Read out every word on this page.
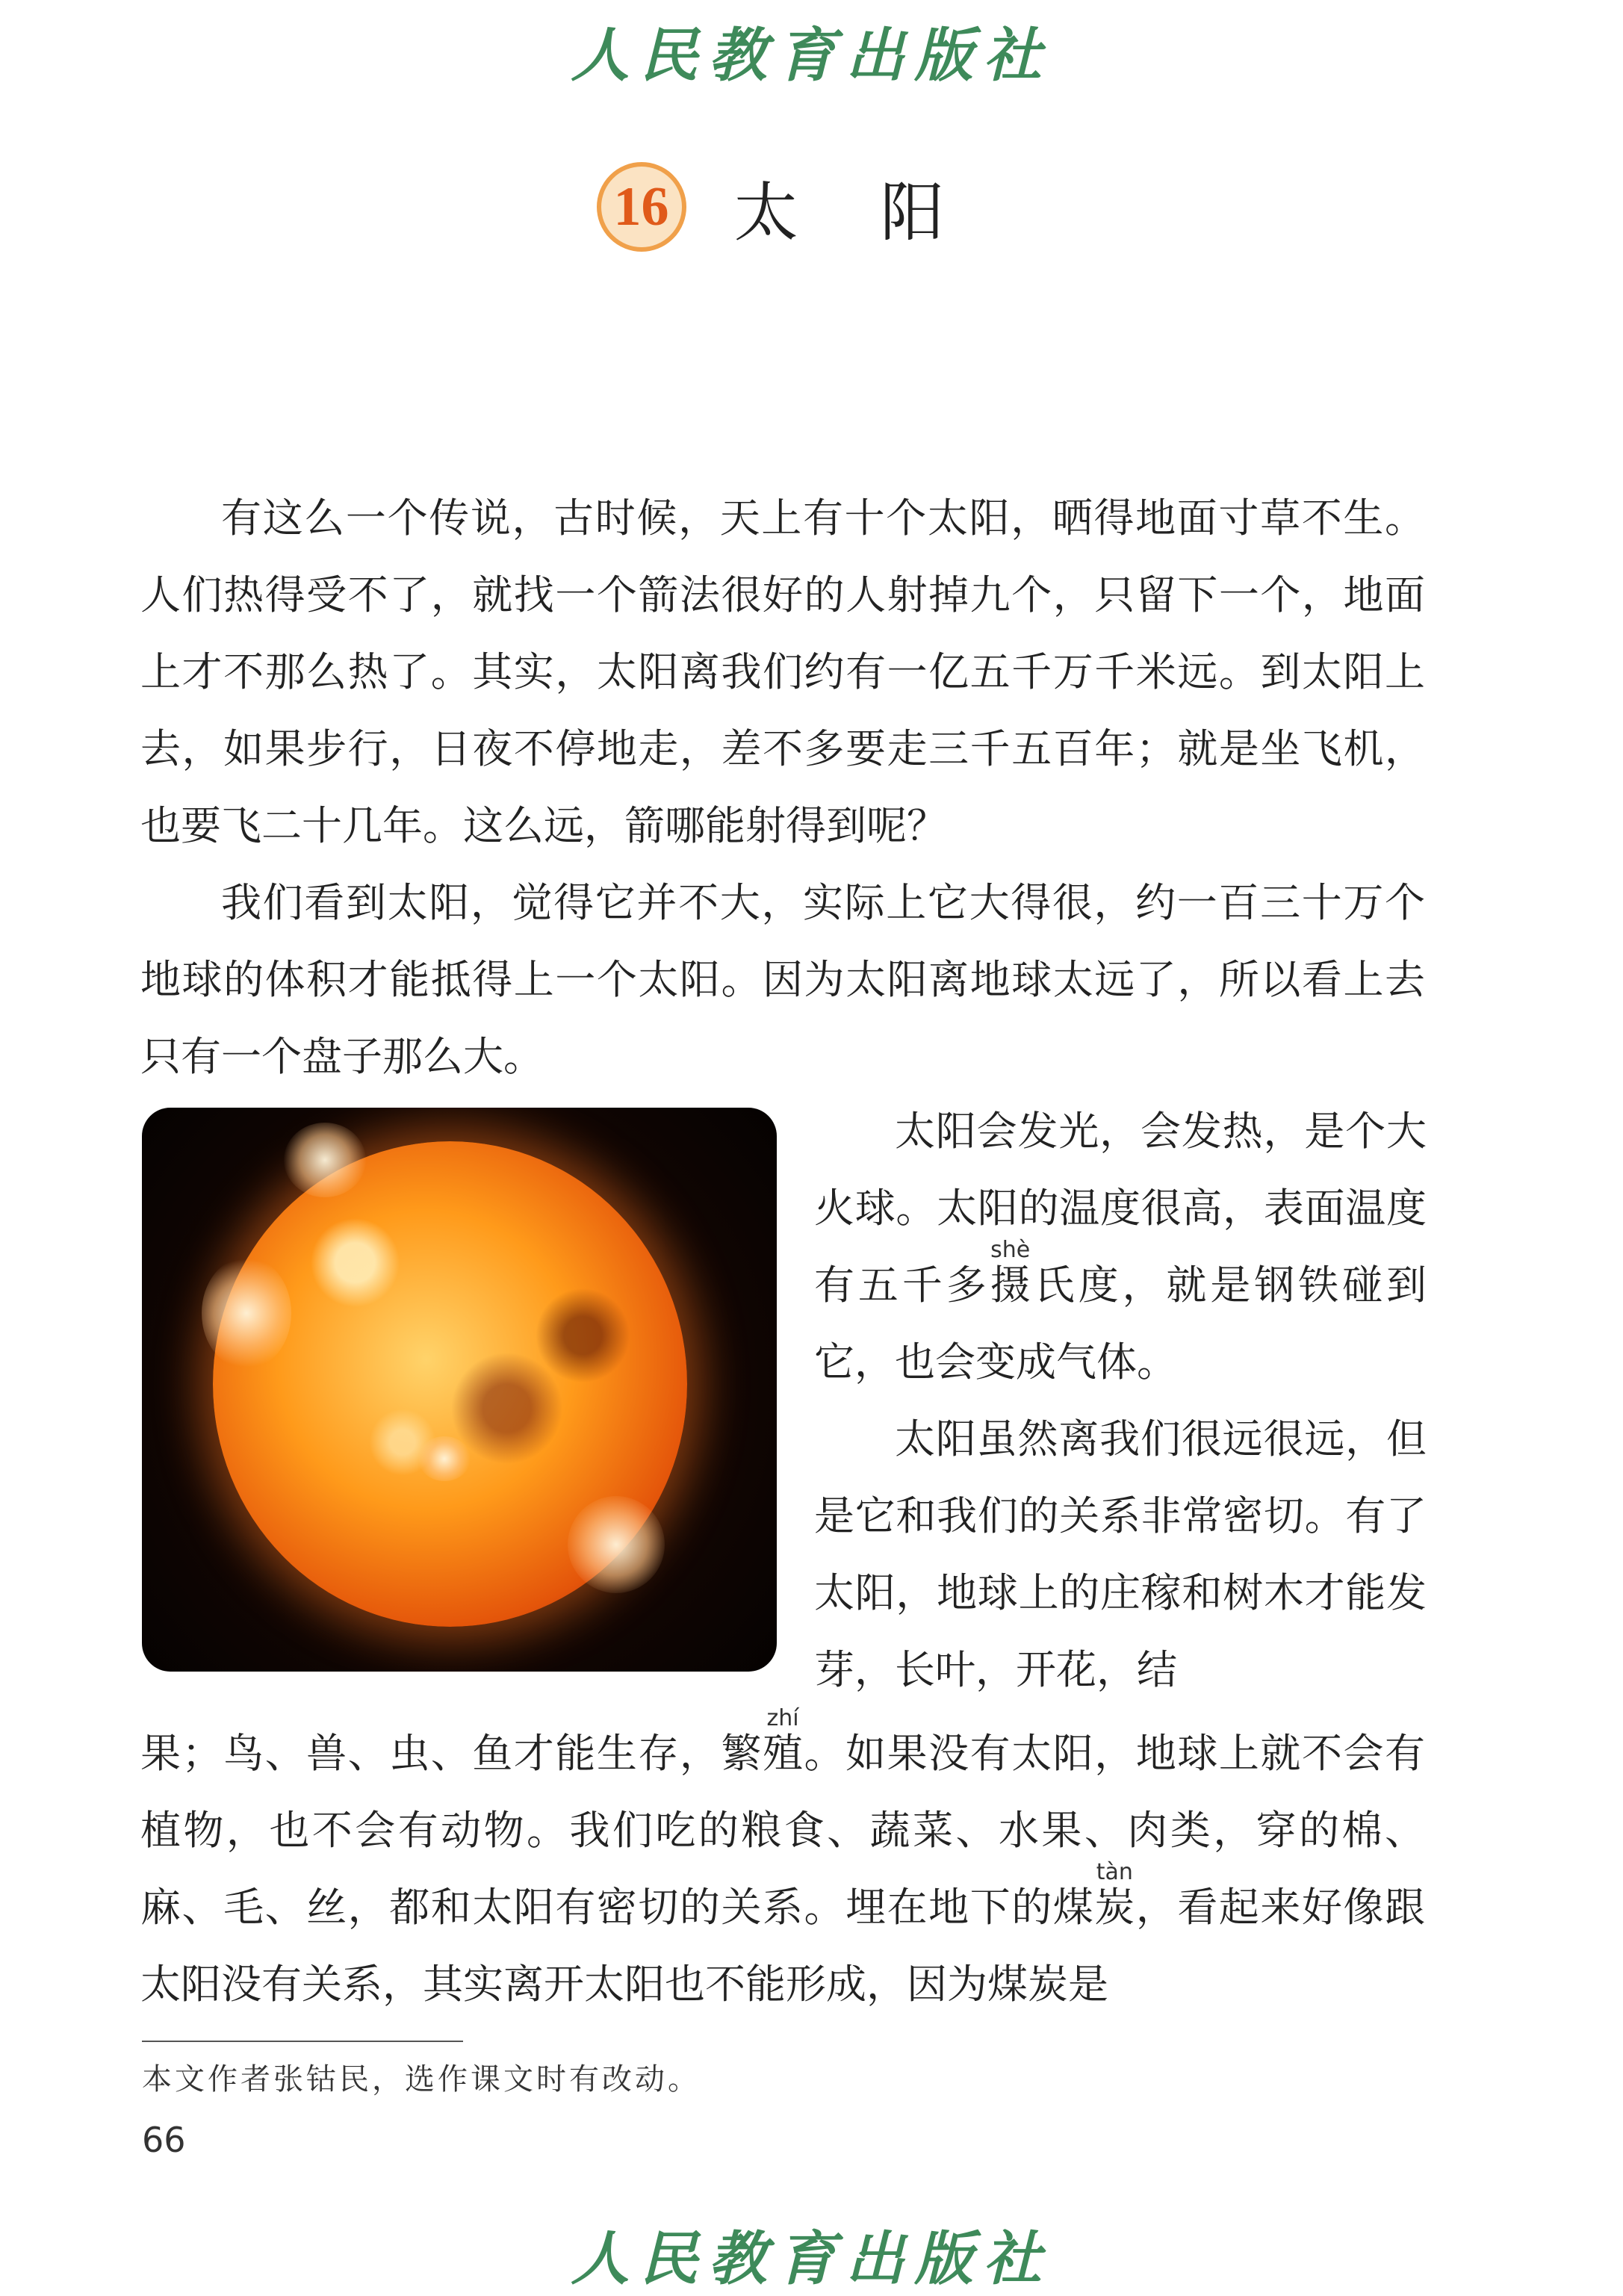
人民教育出版社
16 太阳

有这么一个传说，古时候，天上有十个太阳，晒得地面寸草不生。人们热得受不了，就找一个箭法很好的人射掉九个，只留下一个，地面上才不那么热了。其实，太阳离我们约有一亿五千万千米远。到太阳上去，如果步行，日夜不停地走，差不多要走三千五百年；就是坐飞机，也要飞二十几年。这么远，箭哪能射得到呢？

我们看到太阳，觉得它并不大，实际上它大得很，约一百三十万个地球的体积才能抵得上一个太阳。因为太阳离地球太远了，所以看上去只有一个盘子那么大。

太阳会发光，会发热，是个大火球。太阳的温度很高，表面温度有五千多摄shè氏度，就是钢铁碰到它，也会变成气体。

太阳虽然离我们很远很远，但是它和我们的关系非常密切。有了太阳，地球上的庄稼和树木才能发芽，长叶，开花，结

果；鸟、兽、虫、鱼才能生存，繁殖zhí。如果没有太阳，地球上就不会有植物，也不会有动物。我们吃的粮食、蔬菜、水果、肉类，穿的棉、麻、毛、丝，都和太阳有密切的关系。埋在地下的煤炭tàn，看起来好像跟太阳没有关系，其实离开太阳也不能形成，因为煤炭是
本文作者张钴民，选作课文时有改动。
66
人民教育出版社
